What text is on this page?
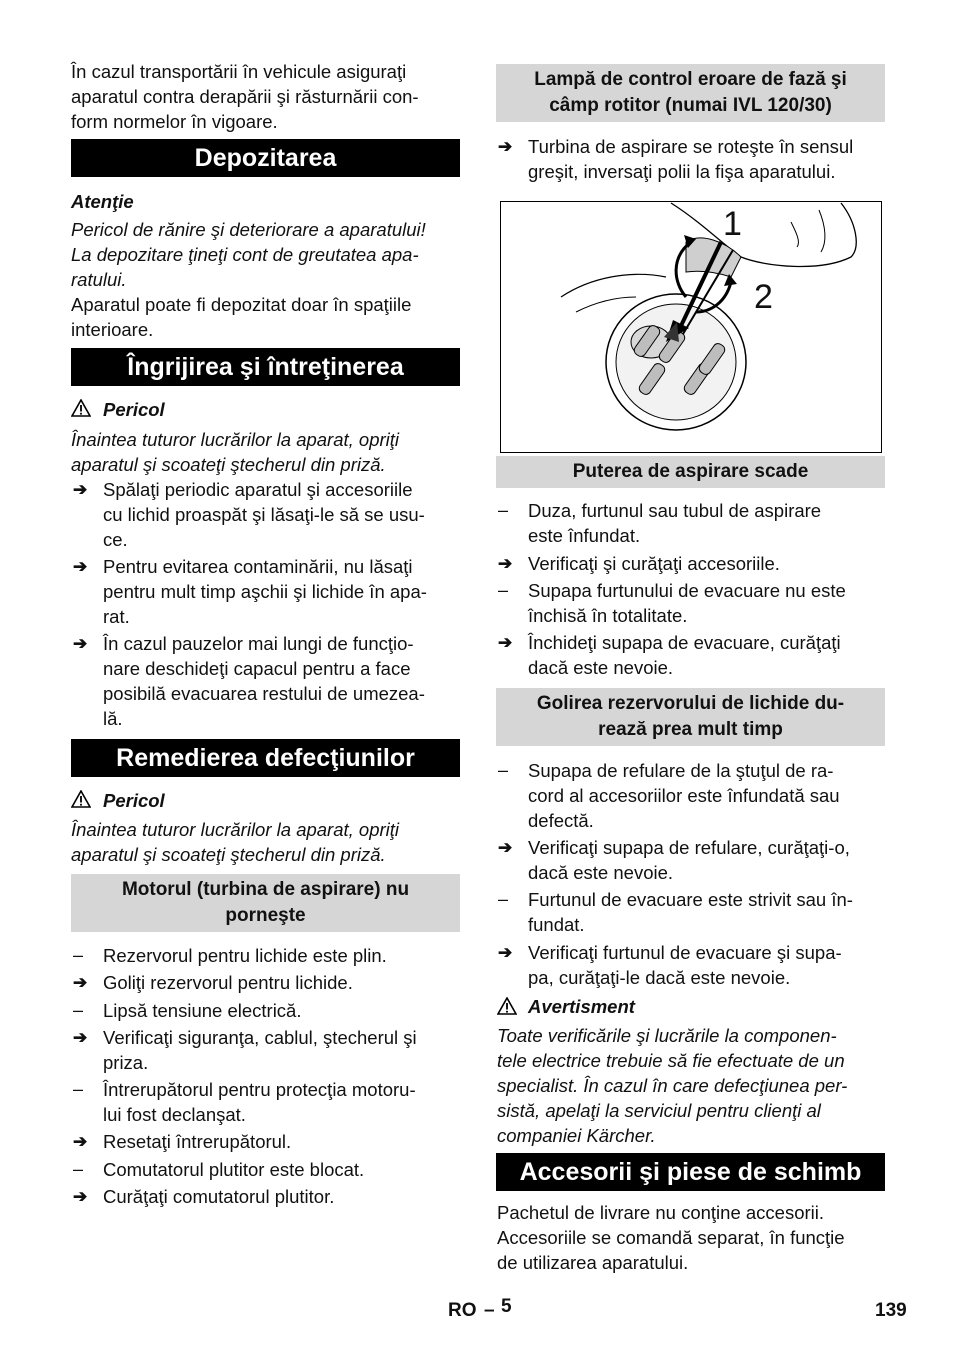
În cazul transportării în vehicule asiguraţi
aparatul contra derapării şi răsturnării con-
form normelor în vigoare.
Depozitarea
Atenţie
Pericol de rănire şi deteriorare a aparatului!
La depozitare ţineţi cont de greutatea apa-
ratului.
Aparatul poate fi depozitat doar în spaţiile
interioare.
Îngrijirea şi întreţinerea
Pericol
Înaintea tuturor lucrărilor la aparat, opriţi
aparatul şi scoateţi ştecherul din priză.
➔ Spălaţi periodic aparatul şi accesoriile
cu lichid proaspăt şi lăsaţi-le să se usu-
ce.
➔ Pentru evitarea contaminării, nu lăsaţi
pentru mult timp aşchii şi lichide în apa-
rat.
➔ În cazul pauzelor mai lungi de funcţio-
nare deschideţi capacul pentru a face
posibilă evacuarea restului de umezea-
lă.
Remedierea defecţiunilor
Pericol
Înaintea tuturor lucrărilor la aparat, opriţi
aparatul şi scoateţi ştecherul din priză.
Motorul (turbina de aspirare) nu
porneşte
– Rezervorul pentru lichide este plin.
➔ Goliţi rezervorul pentru lichide.
– Lipsă tensiune electrică.
➔ Verificaţi siguranţa, cablul, ştecherul şi
priza.
– Întrerupătorul pentru protecţia motoru-
lui fost declanşat.
➔ Resetaţi întrerupătorul.
– Comutatorul plutitor este blocat.
➔ Curăţaţi comutatorul plutitor.
Lampă de control eroare de fază şi
câmp rotitor (numai IVL 120/30)
➔ Turbina de aspirare se roteşte în sensul
greşit, inversaţi polii la fişa aparatului.
1
2
Puterea de aspirare scade
– Duza, furtunul sau tubul de aspirare
este înfundat.
➔ Verificaţi şi curăţaţi accesoriile.
– Supapa furtunului de evacuare nu este
închisă în totalitate.
➔ Închideţi supapa de evacuare, curăţaţi
dacă este nevoie.
Golirea rezervorului de lichide du-
rează prea mult timp
– Supapa de refulare de la ştuţul de ra-
cord al accesoriilor este înfundată sau
defectă.
➔ Verificaţi supapa de refulare, curăţaţi-o,
dacă este nevoie.
– Furtunul de evacuare este strivit sau în-
fundat.
➔ Verificaţi furtunul de evacuare şi supa-
pa, curăţaţi-le dacă este nevoie.
Avertisment
Toate verificările şi lucrările la componen-
tele electrice trebuie să fie efectuate de un
specialist. În cazul în care defecţiunea per-
sistă, apelaţi la serviciul pentru clienţi al
companiei Kärcher.
Accesorii şi piese de schimb
Pachetul de livrare nu conţine accesorii.
Accesoriile se comandă separat, în funcţie
de utilizarea aparatului.
RO – 5	139
